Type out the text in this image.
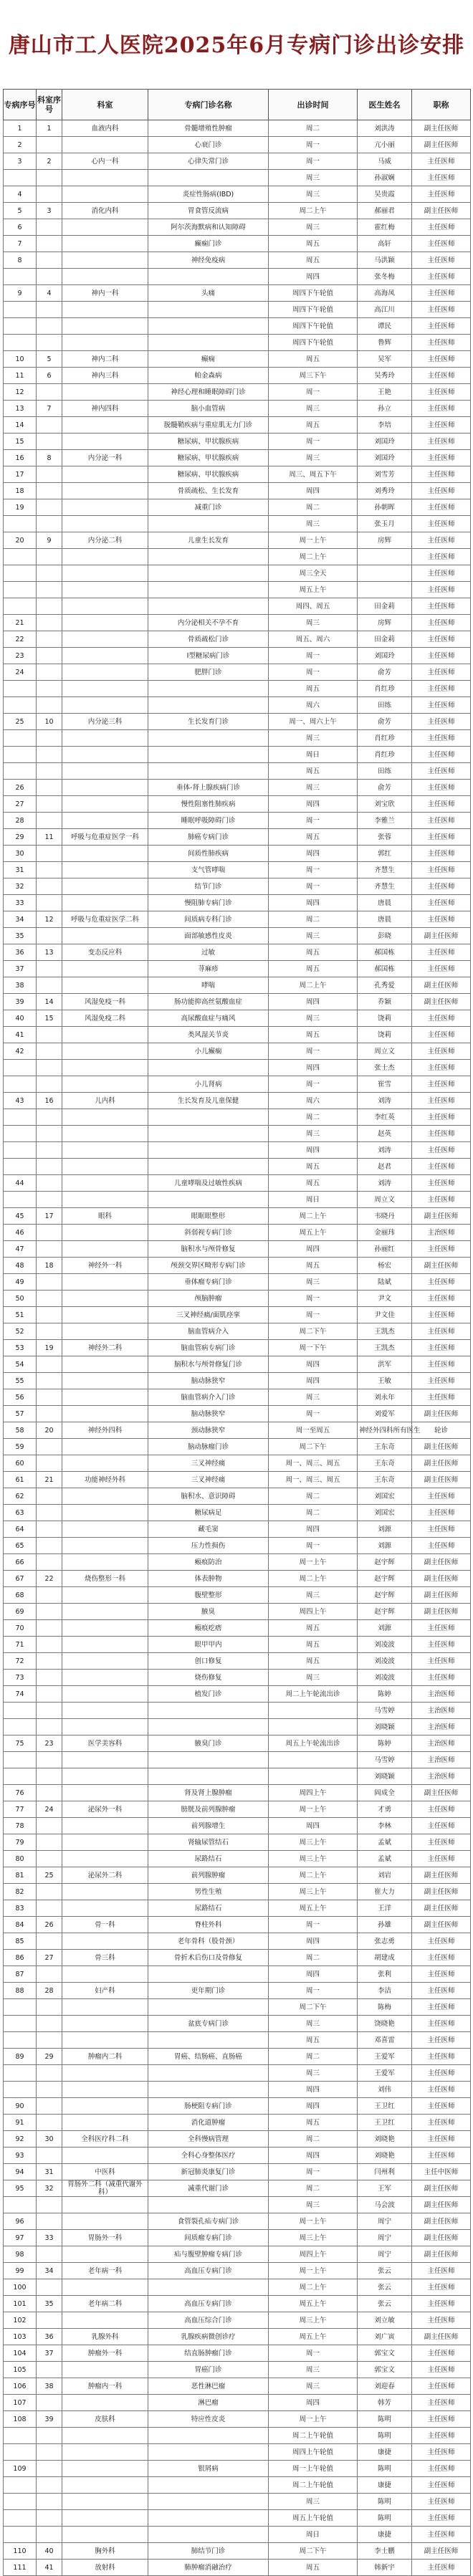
唐山市工人医院2025年6月专病门诊出诊安排
专病序号	科室序号	科室	专病门诊名称	出诊时间	医生姓名	职称
1	1	血液内科	骨髓增殖性肿瘤	周二	刘洪涛	副主任医师
2			心衰门诊	周一	亢小丽	副主任医师
3	2	心内一科	心律失常门诊	周一	马威	主任医师
				周三	孙淑娴	主任医师
4			炎症性肠病(IBD)	周三	吴贵霞	主任医师
5	3	消化内科	胃食管反流病	周二上午	郝丽君	副主任医师
6			阿尔茨海默病和认知障碍	周三	霍红梅	主任医师
7			癫痫门诊	周五	高轩	主任医师
8			神经免疫病	周五	马洪颖	主任医师
				周四	张冬梅	主任医师
9	4	神内一科	头痛	周四下午轮值	高海凤	主任医师
				周四下午轮值	高江川	主任医师
				周四下午轮值	谭民	主任医师
				周四下午轮值	鲁辉	主任医师
10	5	神内二科	癫痫	周五	吴军	主任医师
11	6	神内三科	帕金森病	周三下午	吴秀玲	主任医师
12			神经心理和睡眠障碍门诊	周一	王艳	主任医师
13	7	神内四科	脑小血管病	周三	孙立	主任医师
14			脱髓鞘疾病与重症肌无力门诊	周五	李培	主任医师
15			糖尿病、甲状腺疾病	周一	刘国玲	主任医师
16	8	内分泌一科	糖尿病、甲状腺疾病	周三	刘国玲	主任医师
17			糖尿病、甲状腺疾病	周三、周五下午	刘雪芳	主任医师
18			骨质疏松、生长发育	周四	刘秀玲	主任医师
19			减重门诊	周二	孙朝晖	主任医师
				周三	张玉月	主任医师
20	9	内分泌二科	儿童生长发育	周一上午	房辉	主任医师
				周二上午		主任医师
				周三全天		主任医师
				周五上午		主任医师
				周四、周五	田金莉	主任医师
21			内分泌相关不孕不育	周三	房辉	主任医师
22			骨质疏松门诊	周五、周六	田金莉	主任医师
23			I型糖尿病门诊	周一	刘国玲	主任医师
24			肥胖门诊	周一	俞芳	主任医师
				周五	肖红珍	主任医师
				周六	田练	主任医师
25	10	内分泌三科	生长发育门诊	周一、周六上午	俞芳	主任医师
				周三	肖红珍	主任医师
				周日	肖红珍	主任医师
				周五	田练	主任医师
26			垂体-肾上腺疾病门诊	周三	俞芳	主任医师
27			慢性阻塞性肺疾病	周四	刘宝欣	主任医师
28			睡眠呼吸障碍门诊	周一	李雅兰	主任医师
29	11	呼吸与危重症医学一科	肺癌专病门诊	周五	张蓉	主任医师
30			间质性肺疾病	周四	郭红	主任医师
31			支气管哮喘	周一	齐慧生	主任医师
32			结节门诊	周一	齐慧生	主任医师
33			慢阻肺专病门诊	周四	唐晨	主任医师
34	12	呼吸与危重症医学二科	间质病专科门诊	周二	唐晨	主任医师
35			面部敏感性皮炎	周三	彭晓	副主任医师
36	13	变态反应科	过敏	周五	郝国栋	主任医师
37			荨麻疹	周五	郝国栋	主任医师
38			哮喘	周二上午	孔秀爱	副主任医师
39	14	风湿免疫一科	肠功能抑高丝氨酸血症	周四	乔颖	副主任医师
40	15	风湿免疫二科	高尿酸血症与痛风	周三	饶莉	主任医师
41			类风湿关节炎	周五	饶莉	主任医师
42			小儿癫痫	周一	周立文	主任医师
				周四	张士杰	主任医师
			小儿肾病	周一	崔雪	主任医师
43	16	儿内科	生长发育及儿童保健	周六	刘涛	主任医师
				周二	李红英	主任医师
				周三	赵英	主任医师
				周四	刘涛	主任医师
				周五	赵君	主任医师
44			儿童哮喘及过敏性疾病	周五	刘涛	主任医师
				周日	周立文	主任医师
45	17	眼科	眼眶眼整形	周二上午	韦晓丹	副主任医师
46			斜弱视专病门诊	周五上午	金丽玮	主治医师
47			脑积水与颅骨修复	周四	孙丽红	主任医师
48	18	神经外一科	颅颈交界区畸形专病门诊	周五	杨宏	副主任医师
49			垂体瘤专病门诊	周三	陆斌	主任医师
50			颅脑肿瘤	周一	尹文	主任医师
51			三叉神经痛/面肌痉挛	周一	尹文佳	主任医师
52			脑血管病介入	周二下午	王凯杰	主任医师
53	19	神经外二科	脑血管病专病门诊	周一下午	王凯杰	主任医师
54			脑积水与颅骨修复门诊	周四	洪军	主任医师
55			脑动脉狭窄	周四	王敏	主任医师
56			脑血管病介入门诊	周三	刘永年	主任医师
57			脑动脉狭窄	周一	刘爱军	副主任医师
58	20	神经外四科	颈动脉狭窄	周一至周五	神经外四科所有医生	轮诊
59			脑动脉瘤门诊	周二下午	王东奇	副主任医师
60			三叉神经痛	周一、周三、周五	王东奇	副主任医师
61	21	功能神经外科	三叉神经痛	周一、周三、周五	王东奇	副主任医师
62			脑积水、意识障碍	周二	刘国宏	主任医师
63			糖尿病足	周二	刘国宏	主任医师
64			藏毛窦	周四	刘源	主任医师
65			压力性损伤	周一	刘源	主任医师
66			瘢痕防治	周一上午	赵宇辉	副主任医师
67	22	烧伤整形一科	体表肿物	周二上午	赵宇辉	副主任医师
68			腹壁整形	周三	赵宇辉	副主任医师
69			腋臭	周四上午	赵宇辉	副主任医师
70			瘢痕疙瘩	周五	刘源	主任医师
71			眼甲甲内	周五	刘凌波	主任医师
72			创口修复	周五	刘凌波	主任医师
73			烧伤修复	周三	刘凌波	主任医师
74			植发门诊	周二上午轮流出诊	陈婷	主治医师
					马雪婷	主治医师
					刘晓颖	主治医师
75	23	医学美容科	腋臭门诊	周五上午轮流出诊	陈婷	主治医师
					马雪婷	主治医师
					刘晓颖	主治医师
76			肾及肾上腺肿瘤	周四上午	阎成全	副主任医师
77	24	泌尿外一科	膀胱及前列腺肿瘤	周一上午	才勇	主任医师
78			前列腺增生	周四	李林	主任医师
79			肾输尿管结石	周三上午	孟斌	主任医师
80			尿路结石	周三上午	孟斌	主任医师
81	25	泌尿外二科	前列腺肿瘤	周二上午	刘岩	副主任医师
82			男性生殖	周三上午	崔大力	副主任医师
83			尿路结石	周五上午	王洋	副主任医师
84	26	骨一科	脊柱外科	周一	孙雄	副主任医师
85			老年骨科（股骨颈）	周四	张志勇	主任医师
86	27	骨三科	骨折术后伤口及骨修复	周二	胡建成	主任医师
87				周四	张利	主任医师
88	28	妇产科	更年期门诊	周一	李洁	主任医师
				周二下午	陈梅	主任医师
			盆底专病门诊	周三	饶晓艳	主任医师
				周五	邓喜雷	主任医师
89	29	肿瘤内二科	胃癌、结肠癌、直肠癌	周二	王爱军	主任医师
				周三	王爱军	主任医师
				周四	刘伟	主任医师
90			肠梗阻专病门诊	周四	王卫红	主任医师
91			消化道肿瘤	周五	王卫红	主任医师
92	30	全科医疗科二科	全科慢病管理	周二	刘晓艳	主任医师
93			全科心身整体医疗	周四	刘晓艳	主任医师
94	31	中医科	新冠肺炎康复门诊	周一	闫州利	主任中医师
95	32	胃肠外二科（减重代谢外科）	减重代谢门诊	周二	王军	副主任医师
				周三	马会波	副主任医师
96			食管裂孔疝专病门诊	周一上午	周宁	副主任医师
97	33	胃肠外一科	间质瘤专病门诊	周三上午	周宁	副主任医师
98			疝与腹壁肿瘤专病门诊	周四上午	周宁	副主任医师
99	34	老年病一科	高血压专病门诊	周一上午	张云	主任医师
100				周二上午	张云	主任医师
101	35	老年病二科	高血压专病门诊	周五上午	张云	主任医师
102			高血压综合门诊	周三上午	刘立敏	主任医师
103	36	乳腺外科	乳腺疾病微创诊疗	周五上午	刘广寅	副主任医师
104	37	肿瘤外一科	结直肠肿瘤门诊	周一	郭宝文	主任医师
105			胃癌门诊	周三	郭宝文	主任医师
106	38	肿瘤内一科	恶性淋巴瘤	周三	刘迎春	主任医师
107			淋巴瘤	周四	韩芳	主任医师
108	39	皮肤科	特应性皮炎	周一上午	陈明	主任医师
				周二上午轮值	陈明	主任医师
				周四上午轮值	康捷	主任医师
109			银屑病	周一上午轮值	陈明	主任医师
				周二上午轮值	康捷	主任医师
				周三	陈明	主任医师
				周五上午轮值	陈明	主任医师
				周日	康捷	主任医师
110	40	胸外科	肺结节门诊	周二下午	李士鹏	副主任医师
111	41	放射科	肺肿瘤消融治疗	周五	韩新宇	主任医师
